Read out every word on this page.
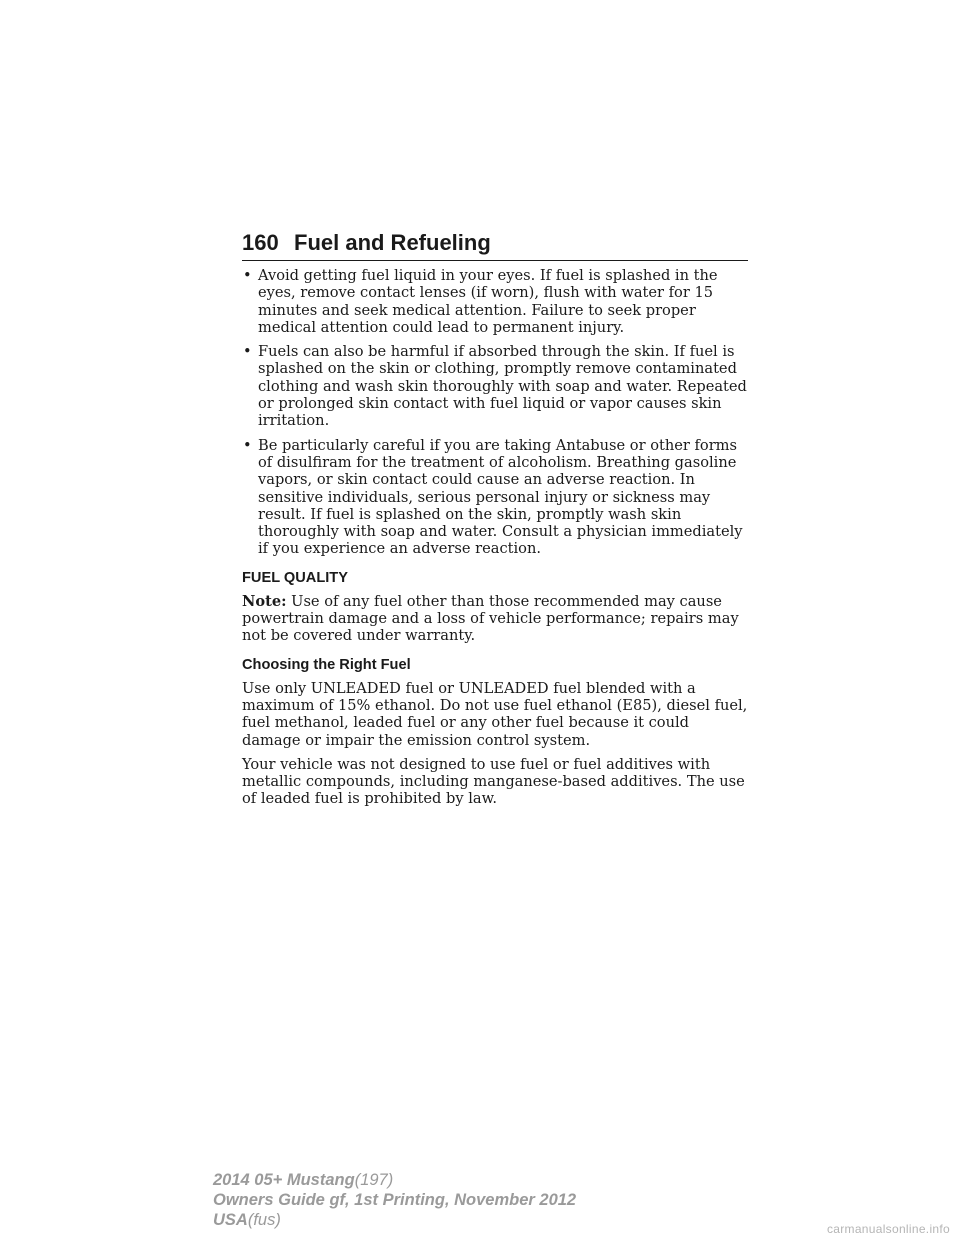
160 Fuel and Refueling
• Avoid getting fuel liquid in your eyes. If fuel is splashed in the eyes, remove contact lenses (if worn), flush with water for 15 minutes and seek medical attention. Failure to seek proper medical attention could lead to permanent injury.
• Fuels can also be harmful if absorbed through the skin. If fuel is splashed on the skin or clothing, promptly remove contaminated clothing and wash skin thoroughly with soap and water. Repeated or prolonged skin contact with fuel liquid or vapor causes skin irritation.
• Be particularly careful if you are taking Antabuse or other forms of disulfiram for the treatment of alcoholism. Breathing gasoline vapors, or skin contact could cause an adverse reaction. In sensitive individuals, serious personal injury or sickness may result. If fuel is splashed on the skin, promptly wash skin thoroughly with soap and water. Consult a physician immediately if you experience an adverse reaction.
FUEL QUALITY
Note: Use of any fuel other than those recommended may cause powertrain damage and a loss of vehicle performance; repairs may not be covered under warranty.
Choosing the Right Fuel
Use only UNLEADED fuel or UNLEADED fuel blended with a maximum of 15% ethanol. Do not use fuel ethanol (E85), diesel fuel, fuel methanol, leaded fuel or any other fuel because it could damage or impair the emission control system.
Your vehicle was not designed to use fuel or fuel additives with metallic compounds, including manganese-based additives. The use of leaded fuel is prohibited by law.
2014 05+ Mustang(197)
Owners Guide gf, 1st Printing, November 2012
USA(fus)	carmanualsonline.info
